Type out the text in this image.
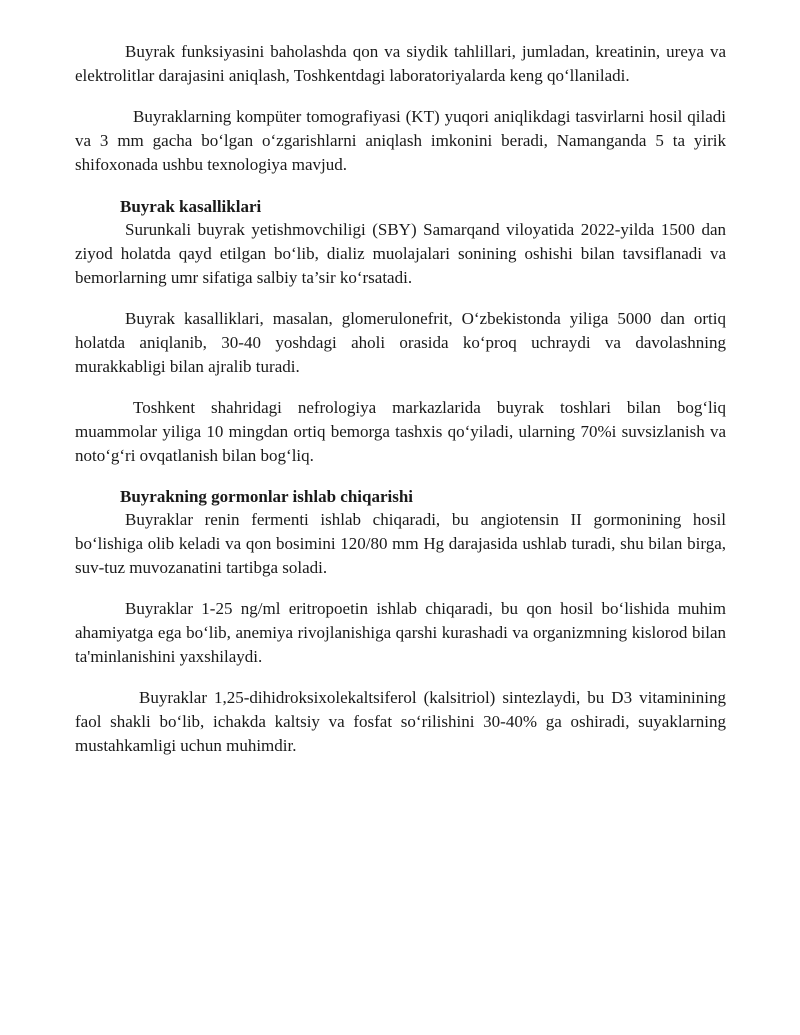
Buyrak funksiyasini baholashda qon va siydik tahlillari, jumladan, kreatinin, ureya va elektrolitlar darajasini aniqlash, Toshkentdagi laboratoriyalarda keng qo‘llaniladi.

Buyraklarning kompüter tomografiyasi (KT) yuqori aniqlikdagi tasvirlarni hosil qiladi va 3 mm gacha bo‘lgan o‘zgarishlarni aniqlash imkonini beradi, Namanganda 5 ta yirik shifoxonada ushbu texnologiya mavjud.

Buyrak kasalliklari

Surunkali buyrak yetishmovchiligi (SBY) Samarqand viloyatida 2022-yilda 1500 dan ziyod holatda qayd etilgan bo‘lib, dializ muolajalari sonining oshishi bilan tavsiflanadi va bemorlarning umr sifatiga salbiy ta’sir ko‘rsatadi.

Buyrak kasalliklari, masalan, glomerulonefrit, O‘zbekistonda yiliga 5000 dan ortiq holatda aniqlanib, 30-40 yoshdagi aholi orasida ko‘proq uchraydi va davolashning murakkabligi bilan ajralib turadi.

Toshkent shahridagi nefrologiya markazlarida buyrak toshlari bilan bog‘liq muammolar yiliga 10 mingdan ortiq bemorga tashxis qo‘yiladi, ularning 70%i suvsizlanish va noto‘g‘ri ovqatlanish bilan bog‘liq.

Buyrakning gormonlar ishlab chiqarishi

Buyraklar renin fermenti ishlab chiqaradi, bu angiotensin II gormonining hosil bo‘lishiga olib keladi va qon bosimini 120/80 mm Hg darajasida ushlab turadi, shu bilan birga, suv-tuz muvozanatini tartibga soladi.

Buyraklar 1-25 ng/ml eritropoetin ishlab chiqaradi, bu qon hosil bo‘lishida muhim ahamiyatga ega bo‘lib, anemiya rivojlanishiga qarshi kurashadi va organizmning kislorod bilan ta'minlanishini yaxshilaydi.

Buyraklar 1,25-dihidroksixolekaltsiferol (kalsitriol) sintezlaydi, bu D3 vitaminining faol shakli bo‘lib, ichakda kaltsiy va fosfat so‘rilishini 30-40% ga oshiradi, suyaklarning mustahkamligi uchun muhimdir.
